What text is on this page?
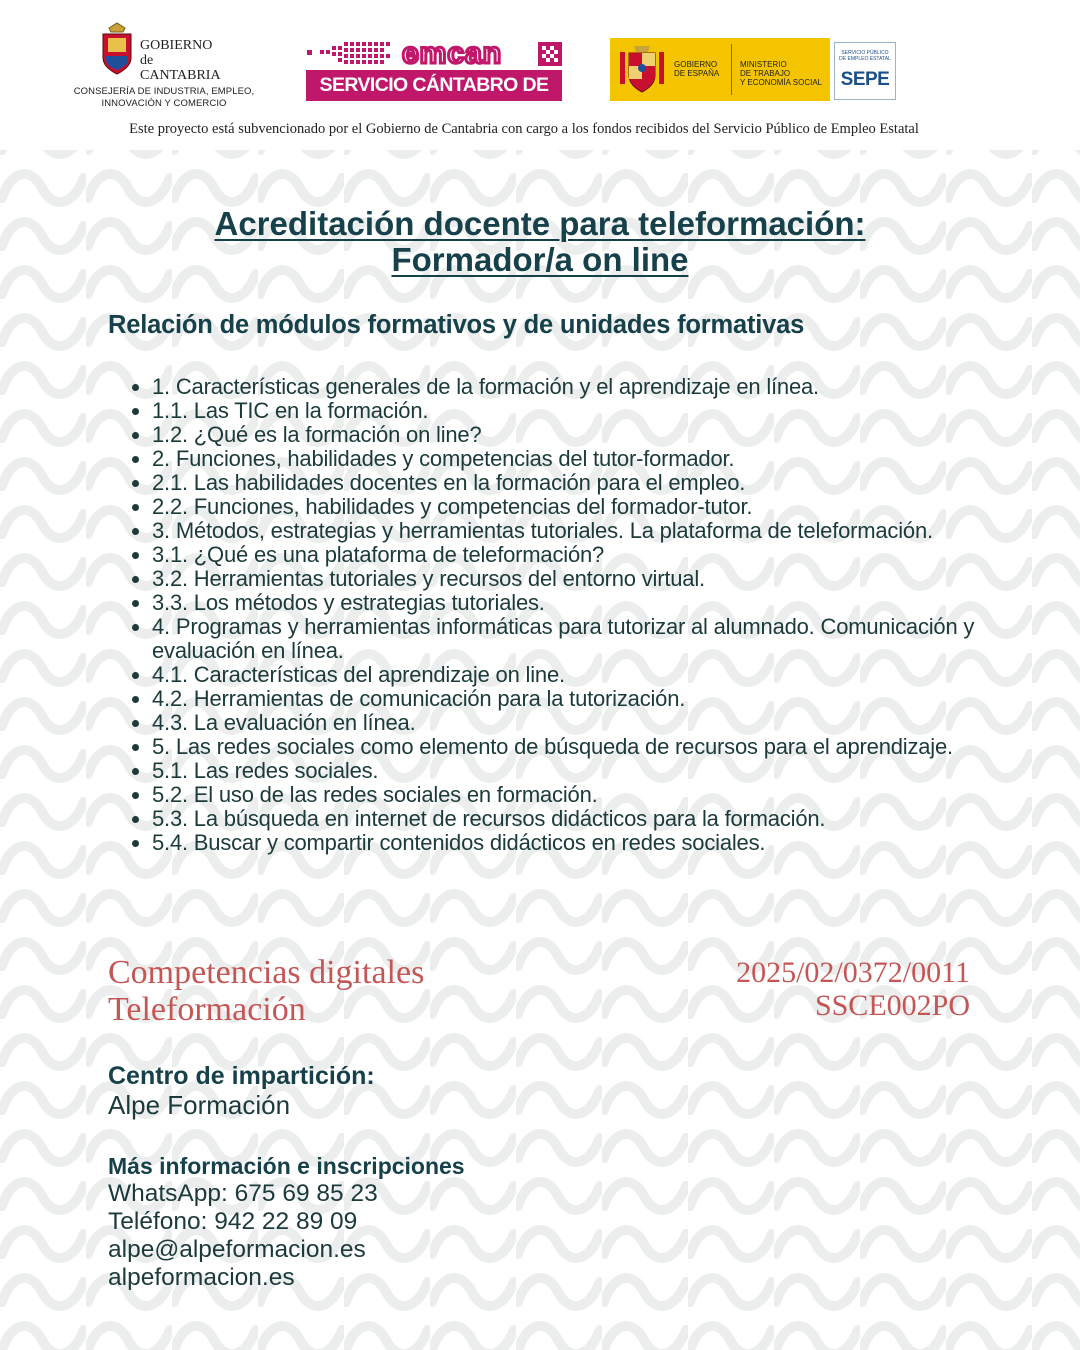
GOBIERNO
de
CANTABRIA
CONSEJERÍA DE INDUSTRIA, EMPLEO,
INNOVACIÓN Y COMERCIO
emcan
SERVICIO CÁNTABRO DE EMPLEO
GOBIERNO
DE ESPAÑA
MINISTERIO
DE TRABAJO
Y ECONOMÍA SOCIAL
SERVICIO PÚBLICO
DE EMPLEO ESTATAL
SEPE
Este proyecto está subvencionado por el Gobierno de Cantabria con cargo a los fondos recibidos del Servicio Público de Empleo Estatal
Acreditación docente para teleformación:
Formador/a on line
Relación de módulos formativos y de unidades formativas
• 1. Características generales de la formación y el aprendizaje en línea.
• 1.1. Las TIC en la formación.
• 1.2. ¿Qué es la formación on line?
• 2. Funciones, habilidades y competencias del tutor-formador.
• 2.1. Las habilidades docentes en la formación para el empleo.
• 2.2. Funciones, habilidades y competencias del formador-tutor.
• 3. Métodos, estrategias y herramientas tutoriales. La plataforma de teleformación.
• 3.1. ¿Qué es una plataforma de teleformación?
• 3.2. Herramientas tutoriales y recursos del entorno virtual.
• 3.3. Los métodos y estrategias tutoriales.
• 4. Programas y herramientas informáticas para tutorizar al alumnado. Comunicación y evaluación en línea.
• 4.1. Características del aprendizaje on line.
• 4.2. Herramientas de comunicación para la tutorización.
• 4.3. La evaluación en línea.
• 5. Las redes sociales como elemento de búsqueda de recursos para el aprendizaje.
• 5.1. Las redes sociales.
• 5.2. El uso de las redes sociales en formación.
• 5.3. La búsqueda en internet de recursos didácticos para la formación.
• 5.4. Buscar y compartir contenidos didácticos en redes sociales.
Competencias digitales
Teleformación
2025/02/0372/0011
SSCE002PO
Centro de impartición:
Alpe Formación
Más información e inscripciones
WhatsApp: 675 69 85 23
Teléfono: 942 22 89 09
alpe@alpeformacion.es
alpeformacion.es
